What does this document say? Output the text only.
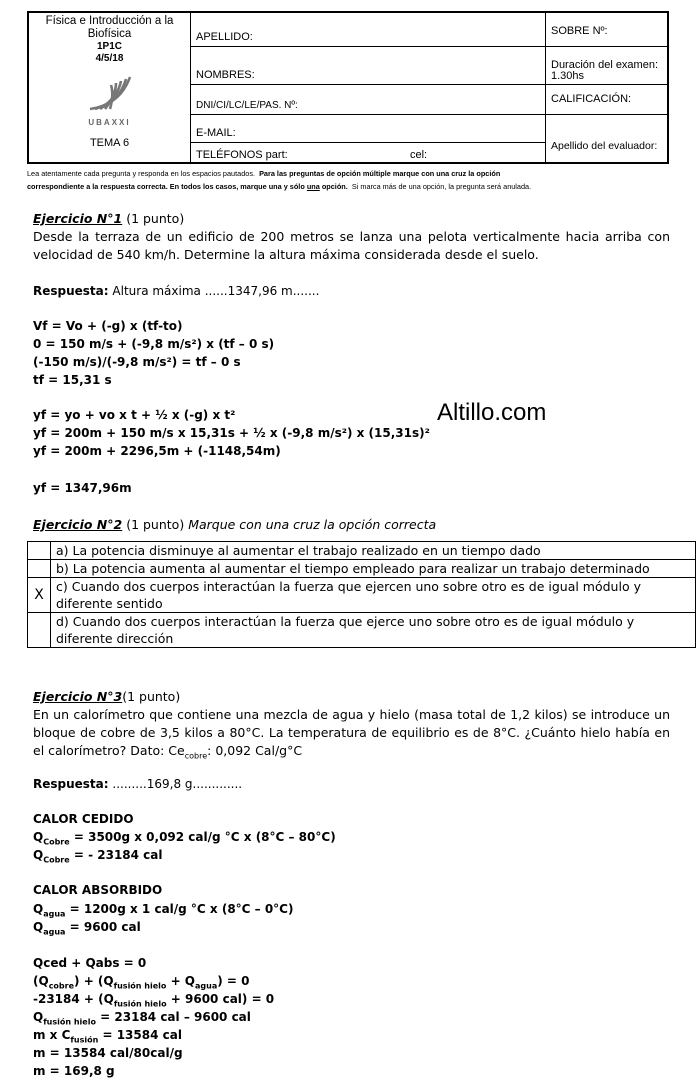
Física e Introducción a la Biofísica
1P1C
4/5/18
UBAXXI
TEMA 6
APELLIDO:
NOMBRES:
DNI/CI/LC/LE/PAS. Nº:
E-MAIL:
TELÉFONOS part:	cel:
SOBRE Nº:
Duración del examen: 1.30hs
CALIFICACIÓN:
Apellido del evaluador:
Lea atentamente cada pregunta y responda en los espacios pautados. Para las preguntas de opción múltiple marque con una cruz la opción
correspondiente a la respuesta correcta. En todos los casos, marque una y sólo una opción. Si marca más de una opción, la pregunta será anulada.
Ejercicio N°1 (1 punto)
Desde la terraza de un edificio de 200 metros se lanza una pelota verticalmente hacia arriba con velocidad de 540 km/h. Determine la altura máxima considerada desde el suelo.
Respuesta: Altura máxima ......1347,96 m.......
Vf = Vo + (-g) x (tf-to)
0 = 150 m/s + (-9,8 m/s²) x (tf – 0 s)
(-150 m/s)/(-9,8 m/s²) = tf – 0 s
tf = 15,31 s
yf = yo + vo x t + ½ x (-g) x t²
yf = 200m + 150 m/s x 15,31s + ½ x (-9,8 m/s²) x (15,31s)²
yf = 200m + 2296,5m + (-1148,54m)
yf = 1347,96m
Altillo.com
Ejercicio N°2 (1 punto) Marque con una cruz la opción correcta
	a) La potencia disminuye al aumentar el trabajo realizado en un tiempo dado
	b) La potencia aumenta al aumentar el tiempo empleado para realizar un trabajo determinado
X	c) Cuando dos cuerpos interactúan la fuerza que ejercen uno sobre otro es de igual módulo y diferente sentido
	d) Cuando dos cuerpos interactúan la fuerza que ejerce uno sobre otro es de igual módulo y diferente dirección
Ejercicio N°3(1 punto)
En un calorímetro que contiene una mezcla de agua y hielo (masa total de 1,2 kilos) se introduce un bloque de cobre de 3,5 kilos a 80°C. La temperatura de equilibrio es de 8°C. ¿Cuánto hielo había en el calorímetro? Dato: $Ce_{cobre}$: 0,092 Cal/g°C
Respuesta: .........169,8 g.............
CALOR CEDIDO
$Q_{Cobre} = 3500g$ x 0,092 cal/g °C x (8°C – 80°C)
$Q_{Cobre}$ = - 23184 cal
CALOR ABSORBIDO
$Q_{agua} = 1200g$ x 1 cal/g °C x (8°C – 0°C)
$Q_{agua} = 9600$ cal
Qced + Qabs = 0
$(Q_{cobre}) + (Q_{fusión hielo} + Q_{agua}) = 0$
$-23184 + (Q_{fusión hielo} + 9600$ cal) = 0
$Q_{fusión hielo} = 23184$ cal – 9600 cal
m x $C_{fusión} = 13584$ cal
m = 13584 cal/80cal/g
m = 169,8 g
